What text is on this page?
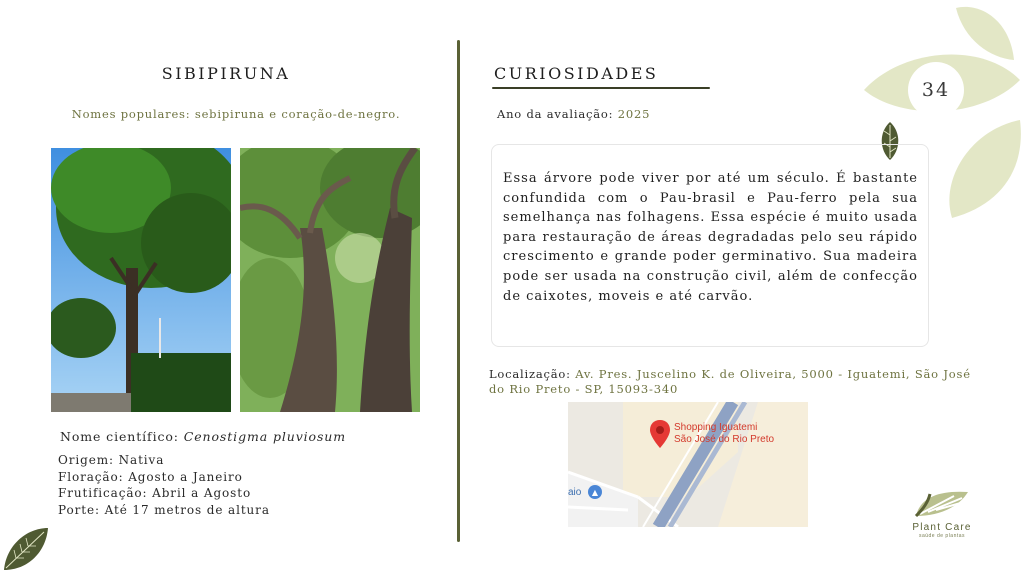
34
SIBIPIRUNA
Nomes populares: sebipiruna e coração-de-negro.
Nome científico: Cenostigma pluviosum
Origem: Nativa
Floração: Agosto a Janeiro
Frutificação: Abril a Agosto
Porte: Até 17 metros de altura
CURIOSIDADES
Ano da avaliação: 2025

Essa árvore pode viver por até um século. É bastante confundida com o Pau-brasil e Pau-ferro pela sua semelhança nas folhagens. Essa espécie é muito usada para restauração de áreas degradadas pelo seu rápido crescimento e grande poder germinativo. Sua madeira pode ser usada na construção civil, além de confecção de caixotes, moveis e até carvão.

Localização: Av. Pres. Juscelino K. de Oliveira, 5000 - Iguatemi, São José do Rio Preto - SP, 15093-340
Shopping Iguatemi
São José do Rio Preto
aio	▲
Plant Care
saúde de plantas
